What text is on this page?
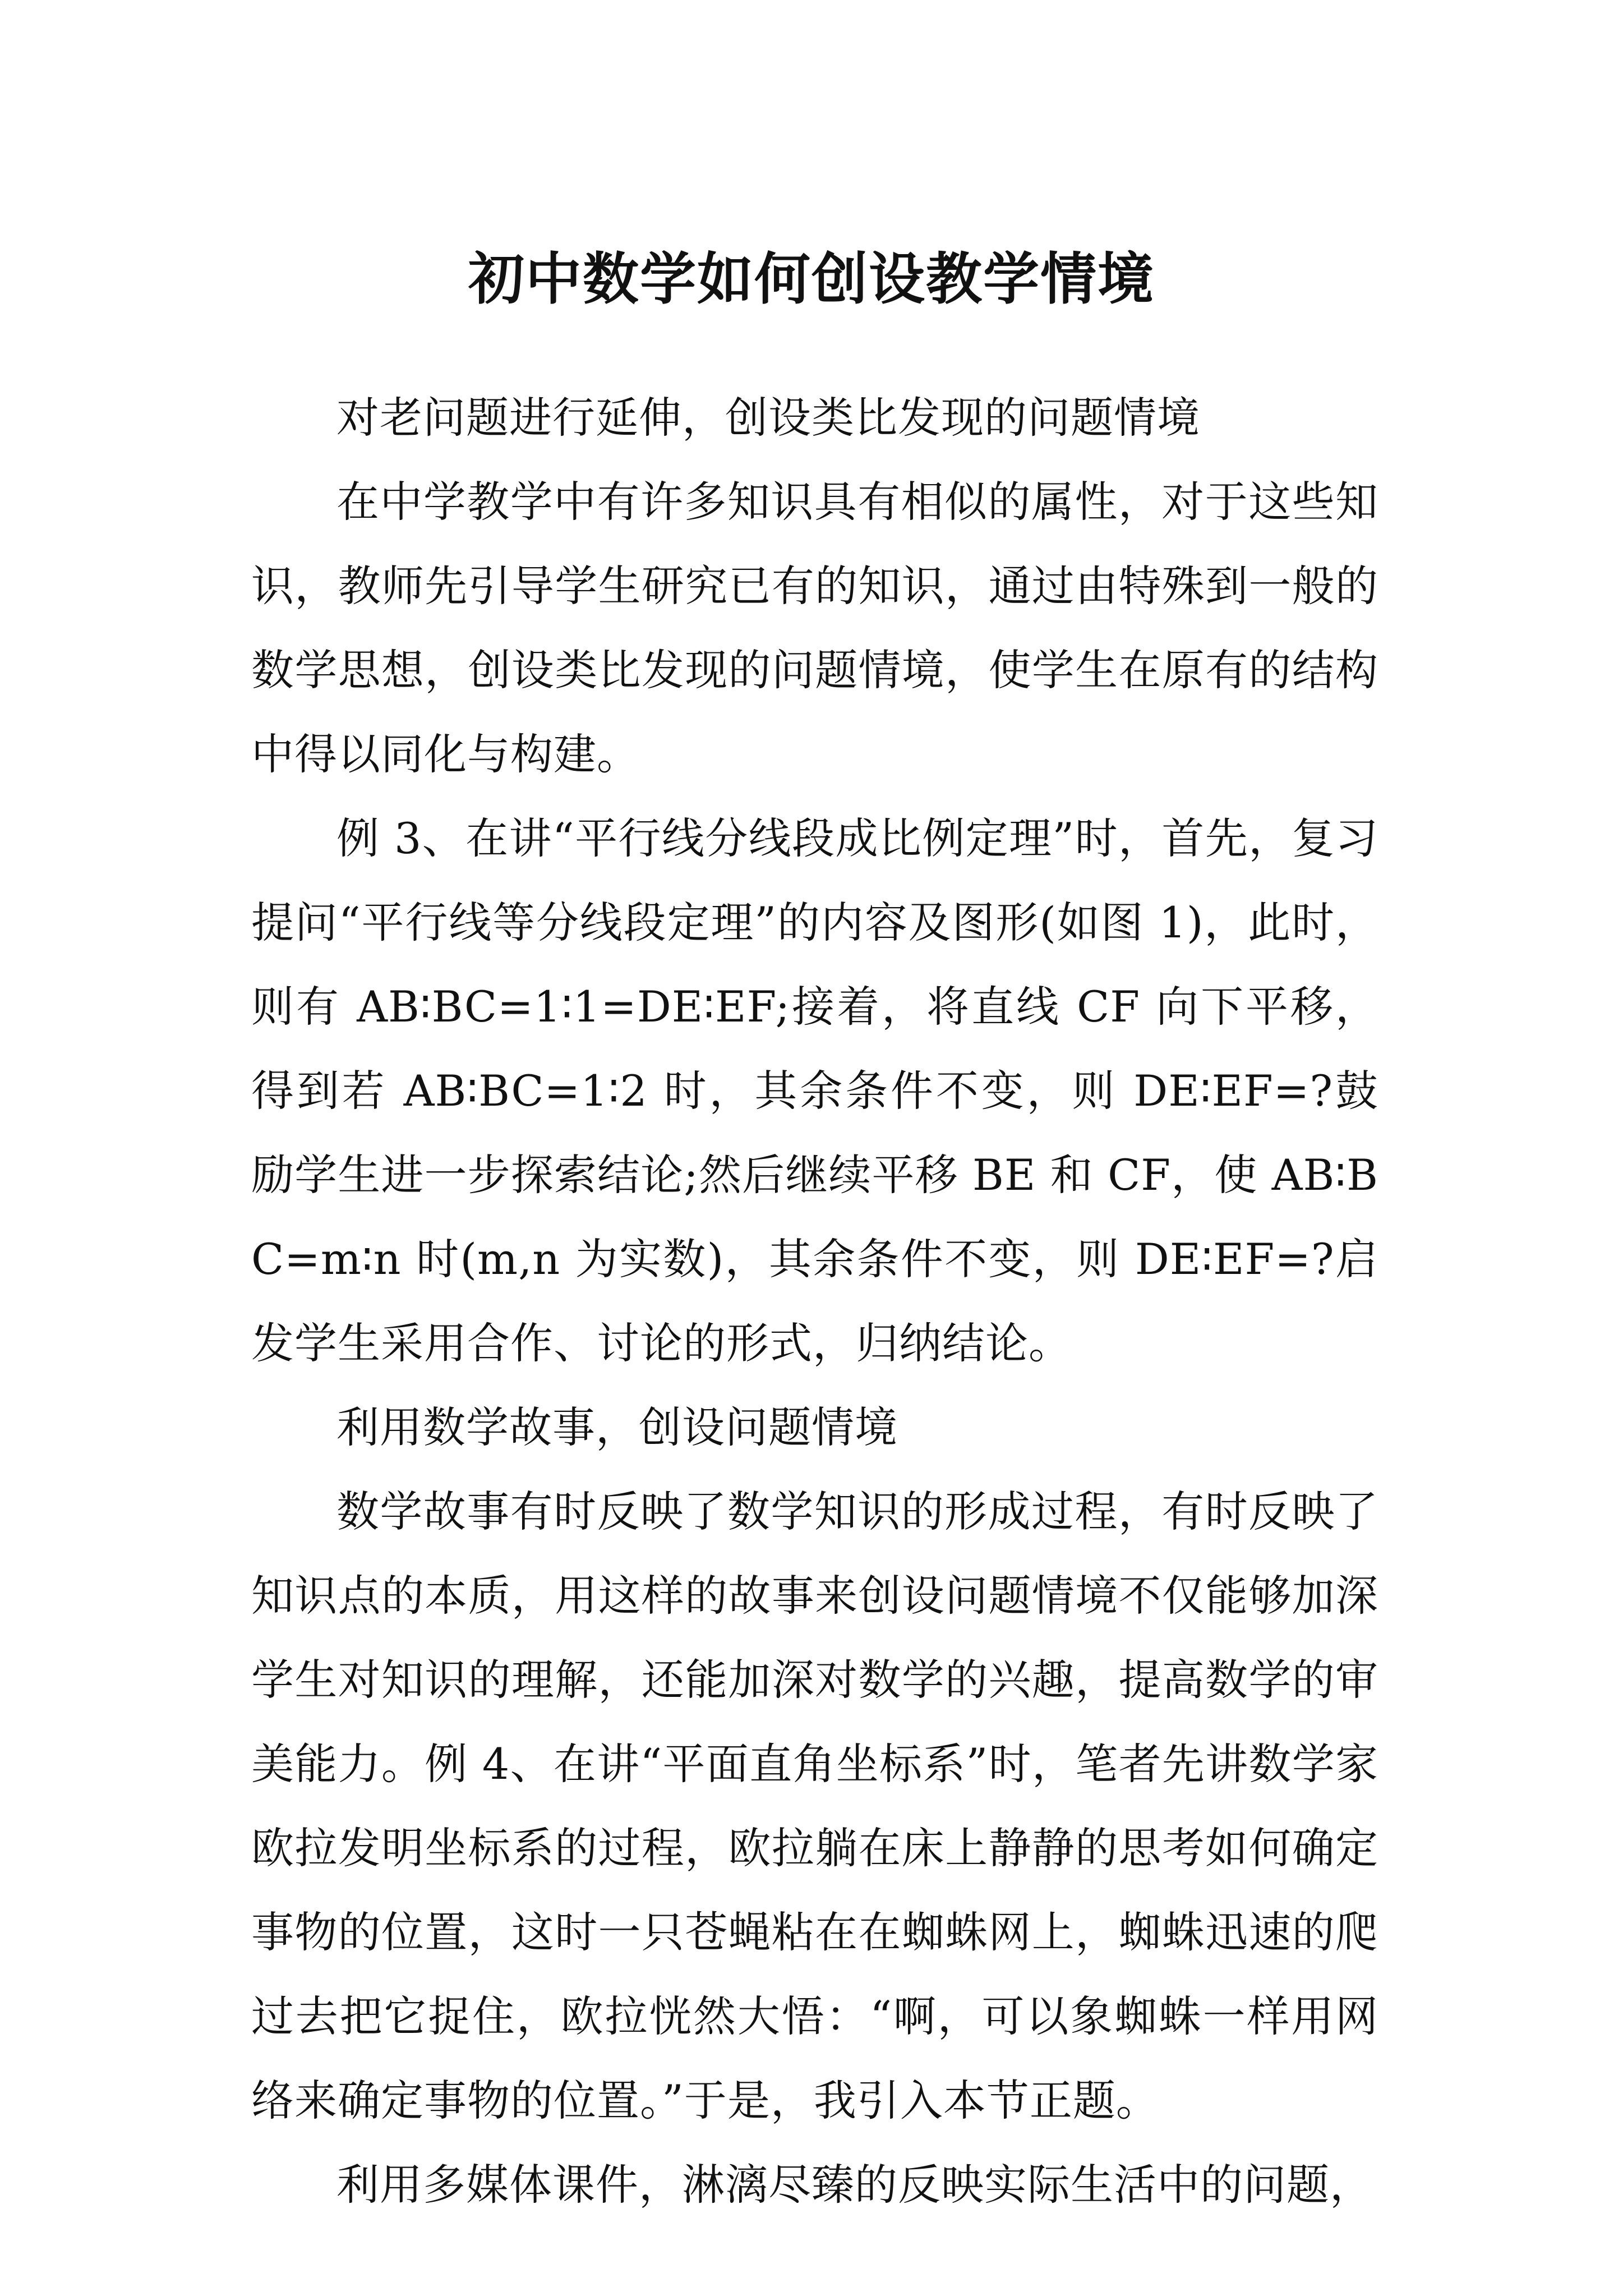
初中数学如何创设教学情境

对老问题进行延伸，创设类比发现的问题情境

在中学教学中有许多知识具有相似的属性，对于这些知识，教师先引导学生研究已有的知识，通过由特殊到一般的数学思想，创设类比发现的问题情境，使学生在原有的结构中得以同化与构建。

例 3、在讲“平行线分线段成比例定理”时，首先，复习提问“平行线等分线段定理”的内容及图形(如图 1)，此时，则有 AB∶BC=1∶1=DE∶EF;接着，将直线 CF 向下平移，得到若 AB∶BC=1∶2 时，其余条件不变，则 DE∶EF=?鼓励学生进一步探索结论;然后继续平移 BE 和 CF，使 AB∶BC=m∶n 时(m,n 为实数)，其余条件不变，则 DE∶EF=?启发学生采用合作、讨论的形式，归纳结论。

利用数学故事，创设问题情境

数学故事有时反映了数学知识的形成过程，有时反映了知识点的本质，用这样的故事来创设问题情境不仅能够加深学生对知识的理解，还能加深对数学的兴趣，提高数学的审美能力。例 4、在讲“平面直角坐标系”时，笔者先讲数学家欧拉发明坐标系的过程，欧拉躺在床上静静的思考如何确定事物的位置，这时一只苍蝇粘在在蜘蛛网上，蜘蛛迅速的爬过去把它捉住，欧拉恍然大悟：“啊，可以象蜘蛛一样用网络来确定事物的位置。”于是，我引入本节正题。

利用多媒体课件，淋漓尽臻的反映实际生活中的问题，
